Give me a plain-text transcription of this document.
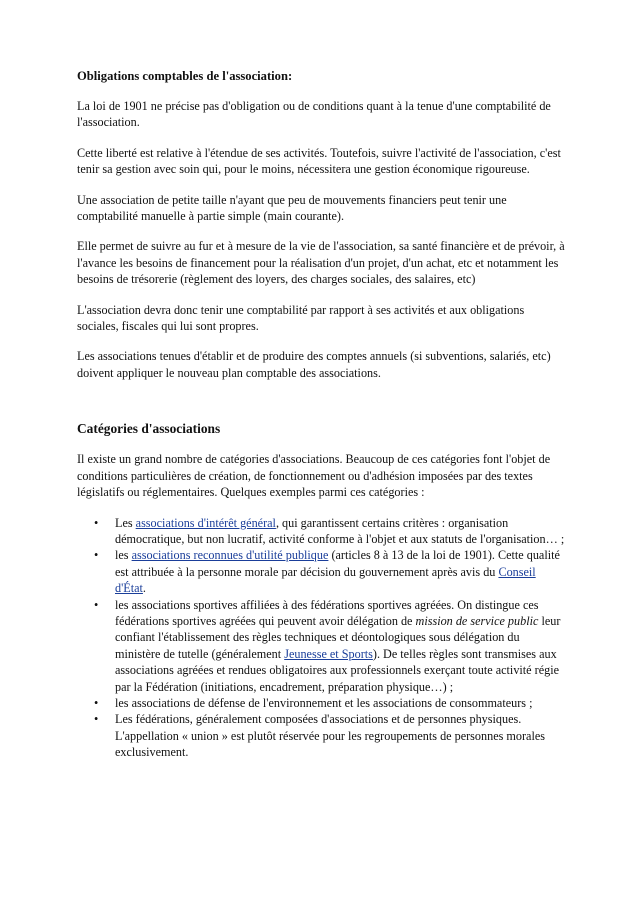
Obligations comptables de l'association:

La loi de 1901 ne précise pas d'obligation ou de conditions quant à la tenue d'une comptabilité de l'association.

Cette liberté est relative à l'étendue de ses activités. Toutefois, suivre l'activité de l'association, c'est tenir sa gestion avec soin qui, pour le moins, nécessitera une gestion économique rigoureuse.

Une association de petite taille n'ayant que peu de mouvements financiers peut tenir une comptabilité manuelle à partie simple (main courante).

Elle permet de suivre au fur et à mesure de la vie de l'association, sa santé financière et de prévoir, à l'avance les besoins de financement pour la réalisation d'un projet, d'un achat, etc et notamment les besoins de trésorerie (règlement des loyers, des charges sociales, des salaires, etc)

L'association devra donc tenir une comptabilité par rapport à ses activités et aux obligations sociales, fiscales qui lui sont propres.

Les associations tenues d'établir et de produire des comptes annuels (si subventions, salariés, etc) doivent appliquer le nouveau plan comptable des associations.

Catégories d'associations

Il existe un grand nombre de catégories d'associations. Beaucoup de ces catégories font l'objet de conditions particulières de création, de fonctionnement ou d'adhésion imposées par des textes législatifs ou réglementaires. Quelques exemples parmi ces catégories :

• Les associations d'intérêt général, qui garantissent certains critères : organisation démocratique, but non lucratif, activité conforme à l'objet et aux statuts de l'organisation… ;
• les associations reconnues d'utilité publique (articles 8 à 13 de la loi de 1901). Cette qualité est attribuée à la personne morale par décision du gouvernement après avis du Conseil d'État.
• les associations sportives affiliées à des fédérations sportives agréées. On distingue ces fédérations sportives agréées qui peuvent avoir délégation de mission de service public leur confiant l'établissement des règles techniques et déontologiques sous délégation du ministère de tutelle (généralement Jeunesse et Sports). De telles règles sont transmises aux associations agréées et rendues obligatoires aux professionnels exerçant toute activité régie par la Fédération (initiations, encadrement, préparation physique…) ;
• les associations de défense de l'environnement et les associations de consommateurs ;
• Les fédérations, généralement composées d'associations et de personnes physiques. L'appellation « union » est plutôt réservée pour les regroupements de personnes morales exclusivement.
